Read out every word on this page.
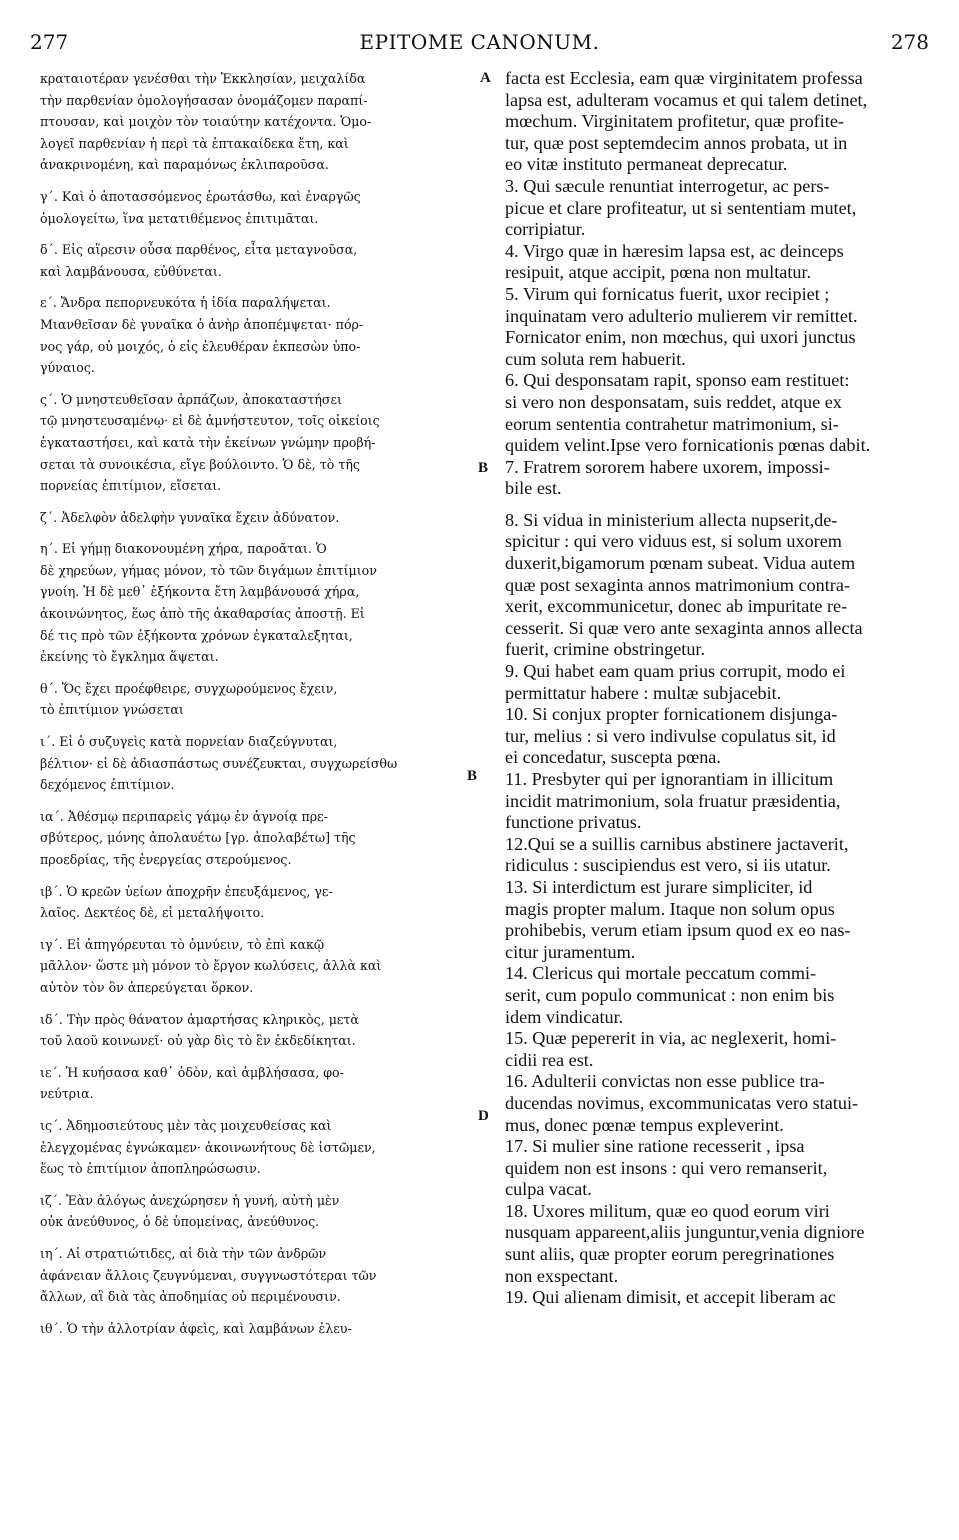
277	EPITOME CANONUM.	278
A
B
B
D

κραταιοτέραν γενέσθαι τὴν Ἐκκλησίαν, μειχαλίδα
τὴν παρθενίαν ὁμολογήσασαν ὀνομάζομεν παραπί-
πτουσαν, καὶ μοιχὸν τὸν τοιαύτην κατέχοντα. Ὁμο-
λογεῖ παρθενίαν ἡ περὶ τὰ ἑπτακαίδεκα ἔτη, καὶ
ἀνακρινομένη, καὶ παραμόνως ἐκλιπαροῦσα.

γ΄. Καὶ ὁ ἀποτασσόμενος ἐρωτάσθω, καὶ ἐναργῶς
ὁμολογείτω, ἵνα μετατιθέμενος ἐπιτιμᾶται.

δ΄. Εἰς αἵρεσιν οὖσα παρθένος, εἶτα μεταγνοῦσα,
καὶ λαμβάνουσα, εὐθύνεται.

ε΄. Ἄνδρα πεπορνευκότα ἡ ἰδία παραλήψεται.
Μιανθεῖσαν δὲ γυναῖκα ὁ ἀνὴρ ἀποπέμψεται· πόρ-
νος γάρ, οὐ μοιχός, ὁ εἰς ἐλευθέραν ἐκπεσὼν ὑπο-
γύναιος.

ς΄. Ὁ μνηστευθεῖσαν ἁρπάζων, ἀποκαταστήσει
τῷ μνηστευσαμένῳ· εἰ δὲ ἀμνήστευτον, τοῖς οἰκείοις
ἐγκαταστήσει, καὶ κατὰ τὴν ἐκείνων γνώμην προβή-
σεται τὰ συνοικέσια, εἴγε βούλοιντο. Ὁ δὲ, τὸ τῆς
πορνείας ἐπιτίμιον, εἴσεται.

ζ΄. Ἀδελφὸν ἀδελφὴν γυναῖκα ἔχειν ἀδύνατον.

η΄. Εἰ γήμῃ διακονουμένη χήρα, παροᾶται. Ὁ
δὲ χηρεύων, γήμας μόνον, τὸ τῶν διγάμων ἐπιτίμιον
γνοίη. Ἡ δὲ μεθ᾿ ἑξήκοντα ἔτη λαμβάνουσά χήρα,
ἀκοινώνητος, ἕως ἀπὸ τῆς ἀκαθαρσίας ἀποστῇ. Εἰ
δέ τις πρὸ τῶν ἑξήκοντα χρόνων ἐγκαταλεξηται,
ἐκείνης τὸ ἔγκλημα ἅψεται.

θ΄. Ὅς ἔχει προέφθειρε, συγχωρούμενος ἔχειν,
τὸ ἐπιτίμιον γνώσεται

ι΄. Εἰ ὁ συζυγεὶς κατὰ πορνείαν διαζεύγνυται,
βέλτιον· εἰ δὲ ἀδιασπάστως συνέζευκται, συγχωρείσθω
δεχόμενος ἐπιτίμιον.

ια΄. Ἀθέσμῳ περιπαρεὶς γάμῳ ἐν ἀγνοίᾳ πρε-
σβύτερος, μόνης ἀπολαυέτω [γρ. ἀπολαβέτω] τῆς
προεδρίας, τῆς ἐνεργείας στερούμενος.

ιβ΄. Ὁ κρεῶν ὑείων ἀποχρῆν ἐπευξάμενος, γε-
λαῖος. Δεκτέος δὲ, εἰ μεταλήψοιτο.

ιγ΄. Εἰ ἀπηγόρευται τὸ ὀμνύειν, τὸ ἐπὶ κακῷ
μᾶλλον· ὥστε μὴ μόνον τὸ ἔργον κωλύσεις, ἀλλὰ καὶ
αὐτὸν τὸν ὃν ἀπερεύγεται ὅρκον.

ιδ΄. Τὴν πρὸς θάνατον ἁμαρτήσας κληρικὸς, μετὰ
τοῦ λαοῦ κοινωνεῖ· οὐ γὰρ δὶς τὸ ἓν ἐκδεδίκηται.

ιε΄. Ἡ κυήσασα καθ᾿ ὁδὸν, καὶ ἀμβλήσασα, φο-
νεύτρια.

ις΄. Ἀδημοσιεύτους μὲν τὰς μοιχευθείσας καὶ
ἐλεγχομένας ἐγνώκαμεν· ἀκοινωνήτους δὲ ἱστῶμεν,
ἕως τὸ ἐπιτίμιον ἀποπληρώσωσιν.

ιζ΄. Ἐὰν ἀλόγως ἀνεχώρησεν ἡ γυνή, αὐτὴ μὲν
οὐκ ἀνεύθυνος, ὁ δὲ ὑπομείνας, ἀνεύθυνος.

ιη΄. Αἱ στρατιώτιδες, αἱ διὰ τὴν τῶν ἀνδρῶν
ἀφάνειαν ἄλλοις ζευγνύμεναι, συγγνωστότεραι τῶν
ἄλλων, αἳ διὰ τὰς ἀποδημίας οὐ περιμένουσιν.

ιθ΄. Ὁ τὴν ἀλλοτρίαν ἀφεὶς, καὶ λαμβάνων ἐλευ-

facta est Ecclesia, eam quæ virginitatem professa
lapsa est, adulteram vocamus et qui talem detinet,
mœchum. Virginitatem profitetur, quæ profite-
tur, quæ post septemdecim annos probata, ut in
eo vitæ instituto permaneat deprecatur.

3. Qui sæcule renuntiat interrogetur, ac pers-
picue et clare profiteatur, ut si sententiam mutet,
corripiatur.

4. Virgo quæ in hæresim lapsa est, ac deinceps
resipuit, atque accipit, pœna non multatur.

5. Virum qui fornicatus fuerit, uxor recipiet ;
inquinatam vero adulterio mulierem vir remittet.
Fornicator enim, non mœchus, qui uxori junctus
cum soluta rem habuerit.

6. Qui desponsatam rapit, sponso eam restituet:
si vero non desponsatam, suis reddet, atque ex
eorum sententia contrahetur matrimonium, si-
quidem velint.Ipse vero fornicationis pœnas dabit.

7. Fratrem sororem habere uxorem, impossi-
bile est.

8. Si vidua in ministerium allecta nupserit,de-
spicitur : qui vero viduus est, si solum uxorem
duxerit,bigamorum pœnam subeat. Vidua autem
quæ post sexaginta annos matrimonium contra-
xerit, excommunicetur, donec ab impuritate re-
cesserit. Si quæ vero ante sexaginta annos allecta
fuerit, crimine obstringetur.

9. Qui habet eam quam prius corrupit, modo ei
permittatur habere : multæ subjacebit.

10. Si conjux propter fornicationem disjunga-
tur, melius : si vero indivulse copulatus sit, id
ei concedatur, suscepta pœna.

11. Presbyter qui per ignorantiam in illicitum
incidit matrimonium, sola fruatur præsidentia,
functione privatus.

12.Qui se a suillis carnibus abstinere jactaverit,
ridiculus : suscipiendus est vero, si iis utatur.

13. Si interdictum est jurare simpliciter, id
magis propter malum. Itaque non solum opus
prohibebis, verum etiam ipsum quod ex eo nas-
citur juramentum.

14. Clericus qui mortale peccatum commi-
serit, cum populo communicat : non enim bis
idem vindicatur.

15. Quæ pepererit in via, ac neglexerit, homi-
cidii rea est.

16. Adulterii convictas non esse publice tra-
ducendas novimus, excommunicatas vero statui-
mus, donec pœnæ tempus expleverint.

17. Si mulier sine ratione recesserit , ipsa
quidem non est insons : qui vero remanserit,
culpa vacat.

18. Uxores militum, quæ eo quod eorum viri
nusquam appareent,aliis junguntur,venia digniore
sunt aliis, quæ propter eorum peregrinationes
non exspectant.

19. Qui alienam dimisit, et accepit liberam ac
